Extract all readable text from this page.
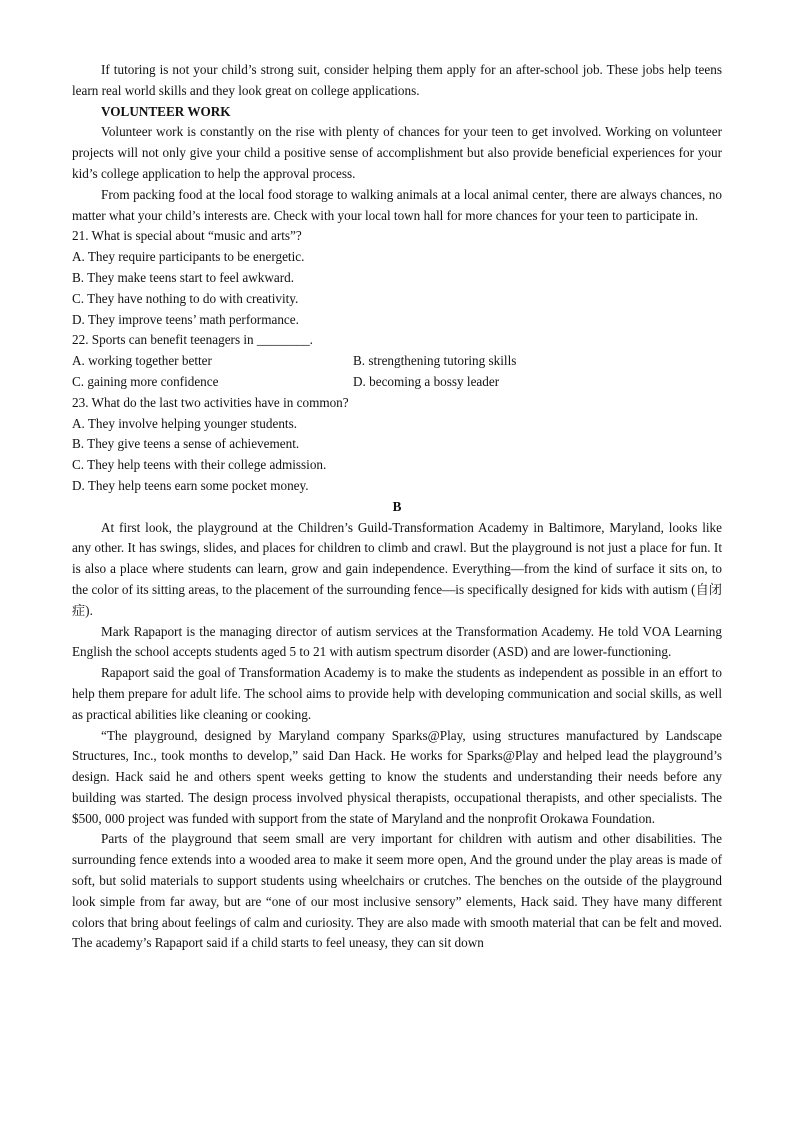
If tutoring is not your child’s strong suit, consider helping them apply for an after-school job. These jobs help teens learn real world skills and they look great on college applications.

VOLUNTEER WORK

Volunteer work is constantly on the rise with plenty of chances for your teen to get involved. Working on volunteer projects will not only give your child a positive sense of accomplishment but also provide beneficial experiences for your kid’s college application to help the approval process.

From packing food at the local food storage to walking animals at a local animal center, there are always chances, no matter what your child’s interests are. Check with your local town hall for more chances for your teen to participate in.

21. What is special about “music and arts”?

A. They require participants to be energetic.

B. They make teens start to feel awkward.

C. They have nothing to do with creativity.

D. They improve teens’ math performance.

22. Sports can benefit teenagers in ________.

A. working together better	B. strengthening tutoring skills
C. gaining more confidence	D. becoming a bossy leader

23. What do the last two activities have in common?

A. They involve helping younger students.

B. They give teens a sense of achievement.

C. They help teens with their college admission.

D. They help teens earn some pocket money.

B

At first look, the playground at the Children’s Guild-Transformation Academy in Baltimore, Maryland, looks like any other. It has swings, slides, and places for children to climb and crawl. But the playground is not just a place for fun. It is also a place where students can learn, grow and gain independence. Everything—from the kind of surface it sits on, to the color of its sitting areas, to the placement of the surrounding fence—is specifically designed for kids with autism (自闭症).

Mark Rapaport is the managing director of autism services at the Transformation Academy. He told VOA Learning English the school accepts students aged 5 to 21 with autism spectrum disorder (ASD) and are lower-functioning.

Rapaport said the goal of Transformation Academy is to make the students as independent as possible in an effort to help them prepare for adult life. The school aims to provide help with developing communication and social skills, as well as practical abilities like cleaning or cooking.

“The playground, designed by Maryland company Sparks@Play, using structures manufactured by Landscape Structures, Inc., took months to develop,” said Dan Hack. He works for Sparks@Play and helped lead the playground’s design. Hack said he and others spent weeks getting to know the students and understanding their needs before any building was started. The design process involved physical therapists, occupational therapists, and other specialists. The $500, 000 project was funded with support from the state of Maryland and the nonprofit Orokawa Foundation.

Parts of the playground that seem small are very important for children with autism and other disabilities. The surrounding fence extends into a wooded area to make it seem more open, And the ground under the play areas is made of soft, but solid materials to support students using wheelchairs or crutches. The benches on the outside of the playground look simple from far away, but are “one of our most inclusive sensory” elements, Hack said. They have many different colors that bring about feelings of calm and curiosity. They are also made with smooth material that can be felt and moved. The academy’s Rapaport said if a child starts to feel uneasy, they can sit down
